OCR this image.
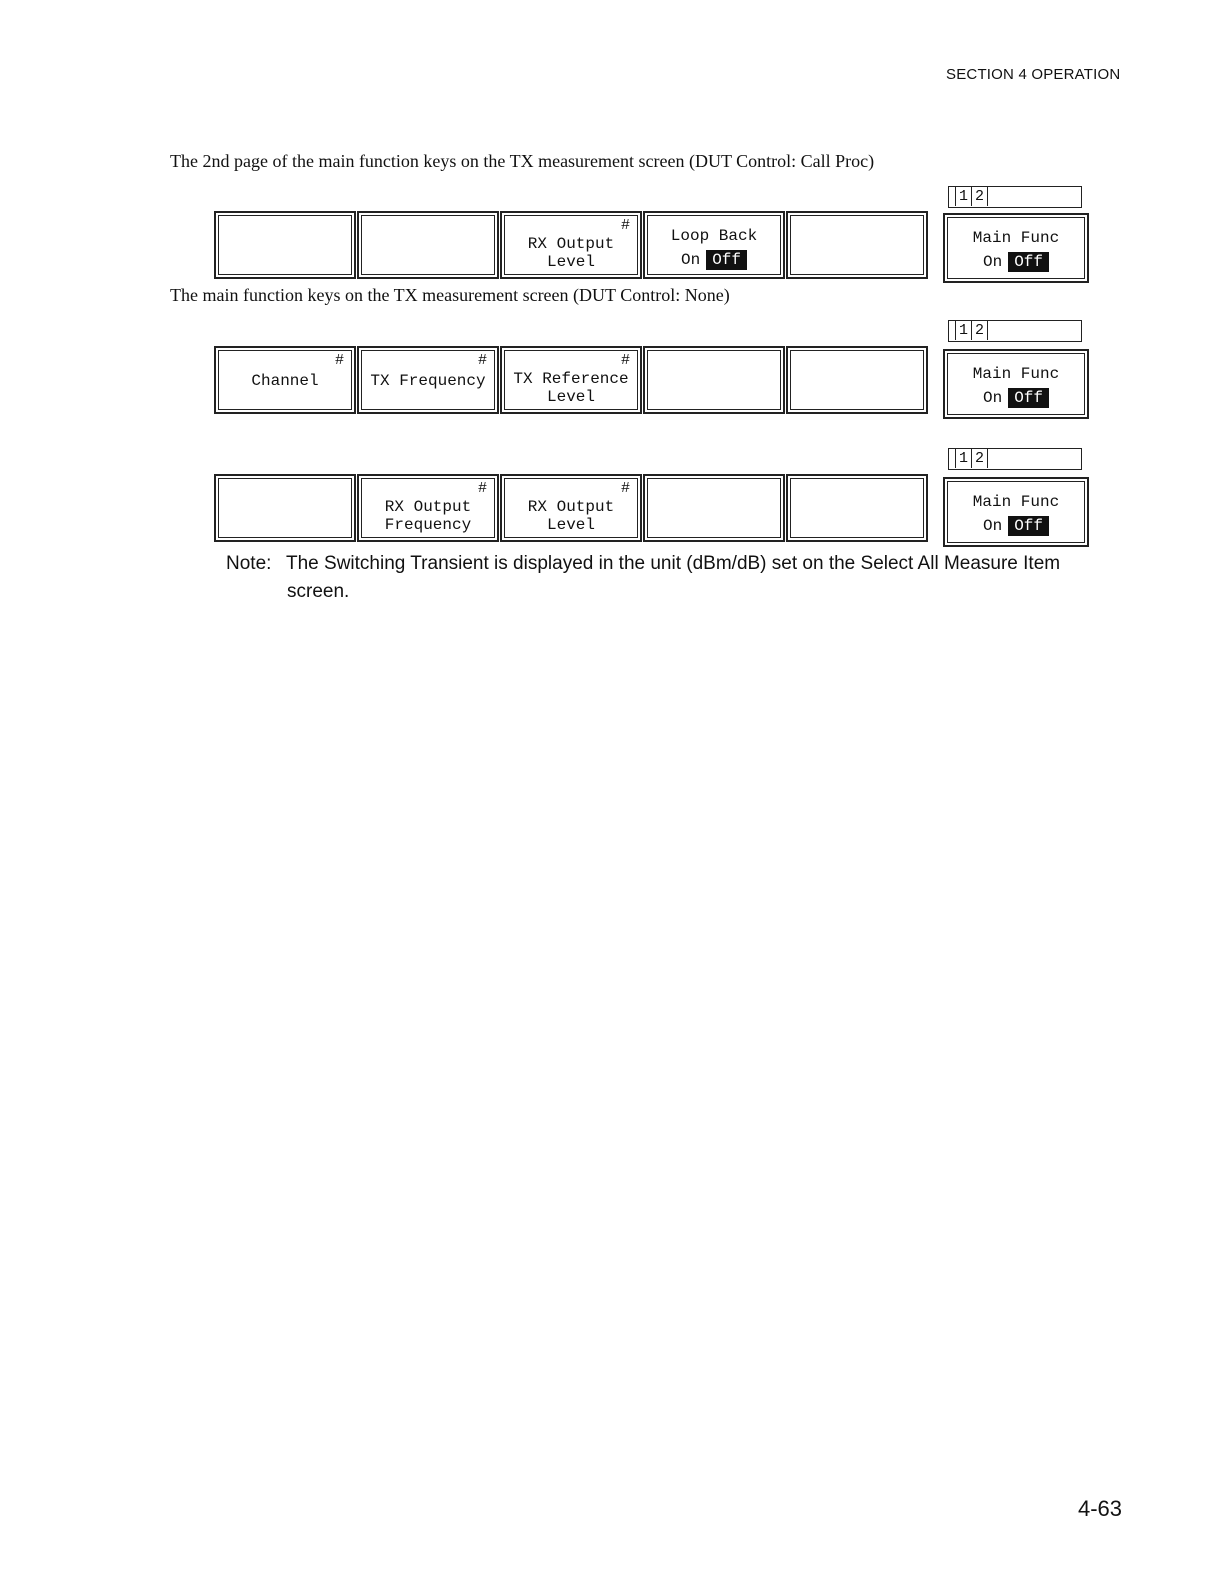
SECTION 4 OPERATION
The 2nd page of the main function keys on the TX measurement screen (DUT Control: Call Proc)
1 2
#
RX Output
Level
Loop Back
On Off
Main Func
On Off
The main function keys on the TX measurement screen (DUT Control: None)
1 2
#
Channel
#
TX Frequency
#
TX Reference
Level
Main Func
On Off
1 2
#
RX Output
Frequency
#
RX Output
Level
Main Func
On Off
Note: The Switching Transient is displayed in the unit (dBm/dB) set on the Select All Measure Item
screen.
4-63
